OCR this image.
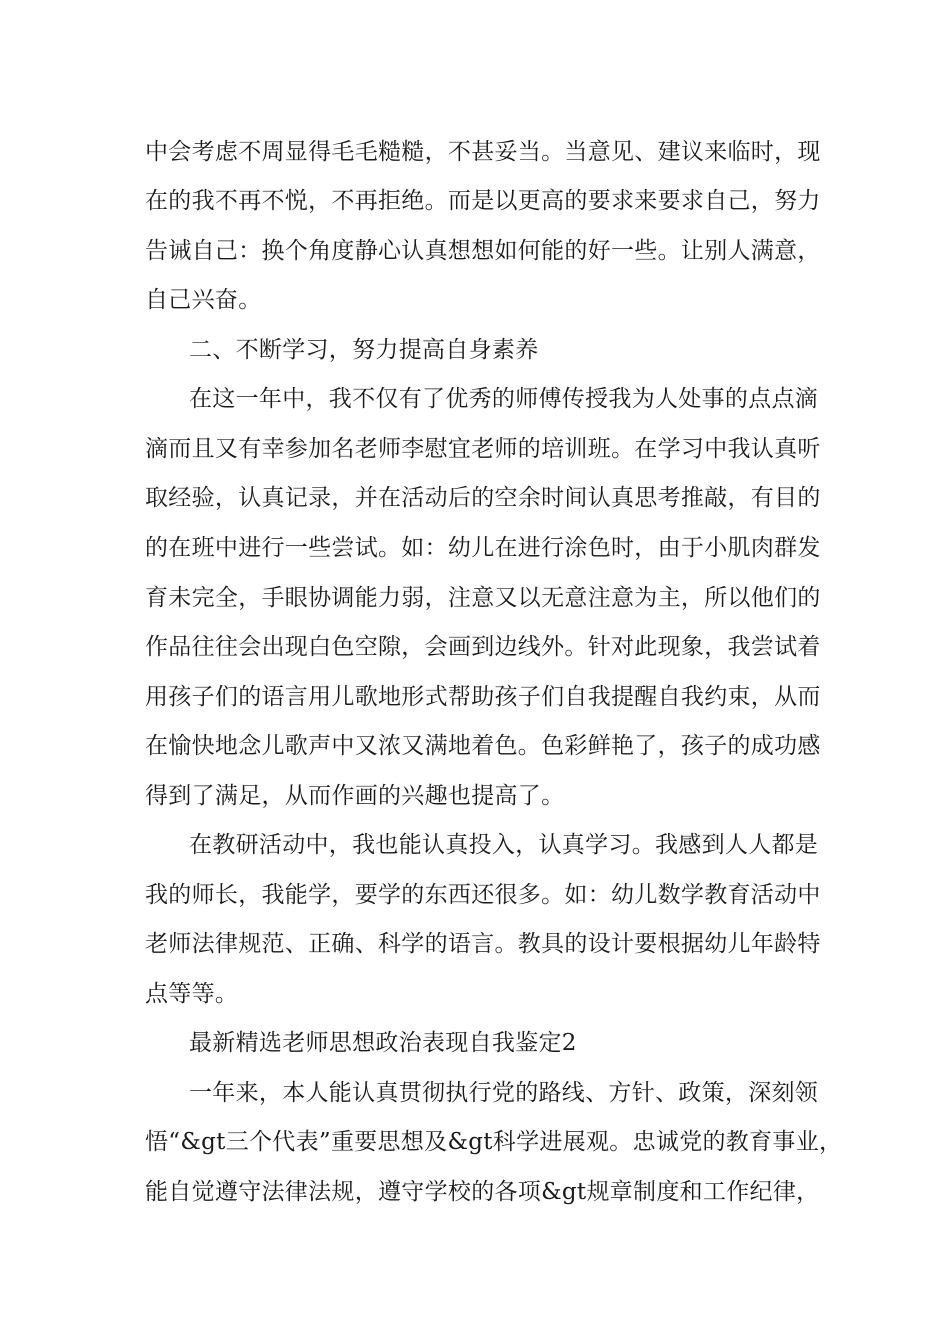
中会考虑不周显得毛毛糙糙，不甚妥当。当意见、建议来临时，现

在的我不再不悦，不再拒绝。而是以更高的要求来要求自己，努力

告诫自己：换个角度静心认真想想如何能的好一些。让别人满意，

自己兴奋。

二、不断学习，努力提高自身素养

在这一年中，我不仅有了优秀的师傅传授我为人处事的点点滴

滴而且又有幸参加名老师李慰宜老师的培训班。在学习中我认真听

取经验，认真记录，并在活动后的空余时间认真思考推敲，有目的

的在班中进行一些尝试。如：幼儿在进行涂色时，由于小肌肉群发

育未完全，手眼协调能力弱，注意又以无意注意为主，所以他们的

作品往往会出现白色空隙，会画到边线外。针对此现象，我尝试着

用孩子们的语言用儿歌地形式帮助孩子们自我提醒自我约束，从而

在愉快地念儿歌声中又浓又满地着色。色彩鲜艳了，孩子的成功感

得到了满足，从而作画的兴趣也提高了。

在教研活动中，我也能认真投入，认真学习。我感到人人都是

我的师长，我能学，要学的东西还很多。如：幼儿数学教育活动中

老师法律规范、正确、科学的语言。教具的设计要根据幼儿年龄特

点等等。

最新精选老师思想政治表现自我鉴定2

一年来，本人能认真贯彻执行党的路线、方针、政策，深刻领

悟“&gt三个代表”重要思想及&gt科学进展观。忠诚党的教育事业，

能自觉遵守法律法规，遵守学校的各项&gt规章制度和工作纪律，
